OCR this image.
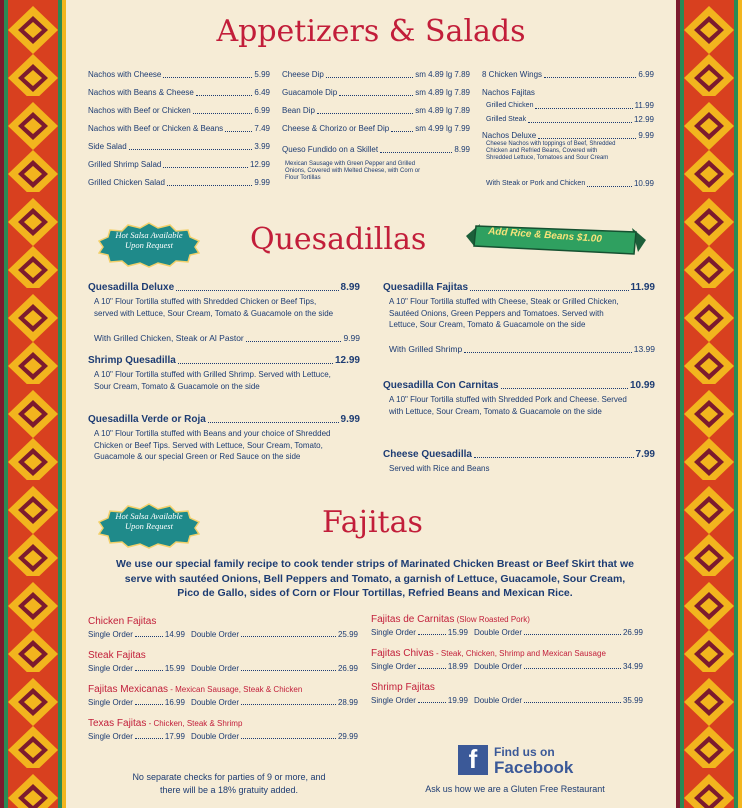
Appetizers & Salads
Nachos with Cheese	5.99
Nachos with Beans & Cheese	6.49
Nachos with Beef or Chicken	6.99
Nachos with Beef or Chicken & Beans	7.49
Side Salad	3.99
Grilled Shrimp Salad	12.99
Grilled Chicken Salad	9.99
Cheese Dip	sm 4.89 lg 7.89
Guacamole Dip	sm 4.89 lg 7.89
Bean Dip	sm 4.89 lg 7.89
Cheese & Chorizo or Beef Dip	sm 4.99 lg 7.99
Queso Fundido on a Skillet	8.99
Mexican Sausage with Green Pepper and Grilled Onions, Covered with Melted Cheese, with Corn or Flour Tortillas
8 Chicken Wings	6.99
Nachos Fajitas
Grilled Chicken	11.99
Grilled Steak	12.99
Nachos Deluxe	9.99
Cheese Nachos with toppings of Beef, Shredded Chicken and Refried Beans, Covered with Shredded Lettuce, Tomatoes and Sour Cream
With Steak or Pork and Chicken	10.99
Hot Salsa Available Upon Request	Quesadillas	Add Rice & Beans $1.00
Quesadilla Deluxe	8.99
A 10" Flour Tortilla stuffed with Shredded Chicken or Beef Tips, served with Lettuce, Sour Cream, Tomato & Guacamole on the side
With Grilled Chicken, Steak or Al Pastor	9.99
Shrimp Quesadilla	12.99
A 10" Flour Tortilla stuffed with Grilled Shrimp. Served with Lettuce, Sour Cream, Tomato & Guacamole on the side
Quesadilla Verde or Roja	9.99
A 10" Flour Tortilla stuffed with Beans and your choice of Shredded Chicken or Beef Tips. Served with Lettuce, Sour Cream, Tomato, Guacamole & our special Green or Red Sauce on the side
Quesadilla Fajitas	11.99
A 10" Flour Tortilla stuffed with Cheese, Steak or Grilled Chicken, Sautéed Onions, Green Peppers and Tomatoes. Served with Lettuce, Sour Cream, Tomato & Guacamole on the side
With Grilled Shrimp	13.99
Quesadilla Con Carnitas	10.99
A 10" Flour Tortilla stuffed with Shredded Pork and Cheese. Served with Lettuce, Sour Cream, Tomato & Guacamole on the side
Cheese Quesadilla	7.99
Served with Rice and Beans
Hot Salsa Available Upon Request	Fajitas
We use our special family recipe to cook tender strips of Marinated Chicken Breast or Beef Skirt that we serve with sautéed Onions, Bell Peppers and Tomato, a garnish of Lettuce, Guacamole, Sour Cream, Pico de Gallo, sides of Corn or Flour Tortillas, Refried Beans and Mexican Rice.
Chicken Fajitas
Single Order	14.99 Double Order	25.99
Steak Fajitas
Single Order	15.99 Double Order	26.99
Fajitas Mexicanas - Mexican Sausage, Steak & Chicken
Single Order	16.99 Double Order	28.99
Texas Fajitas - Chicken, Steak & Shrimp
Single Order	17.99 Double Order	29.99
Fajitas de Carnitas (Slow Roasted Pork)
Single Order	15.99 Double Order	26.99
Fajitas Chivas - Steak, Chicken, Shrimp and Mexican Sausage
Single Order	18.99 Double Order	34.99
Shrimp Fajitas
Single Order	19.99 Double Order	35.99
No separate checks for parties of 9 or more, and there will be a 18% gratuity added.
f	Find us on
Facebook
Ask us how we are a Gluten Free Restaurant
